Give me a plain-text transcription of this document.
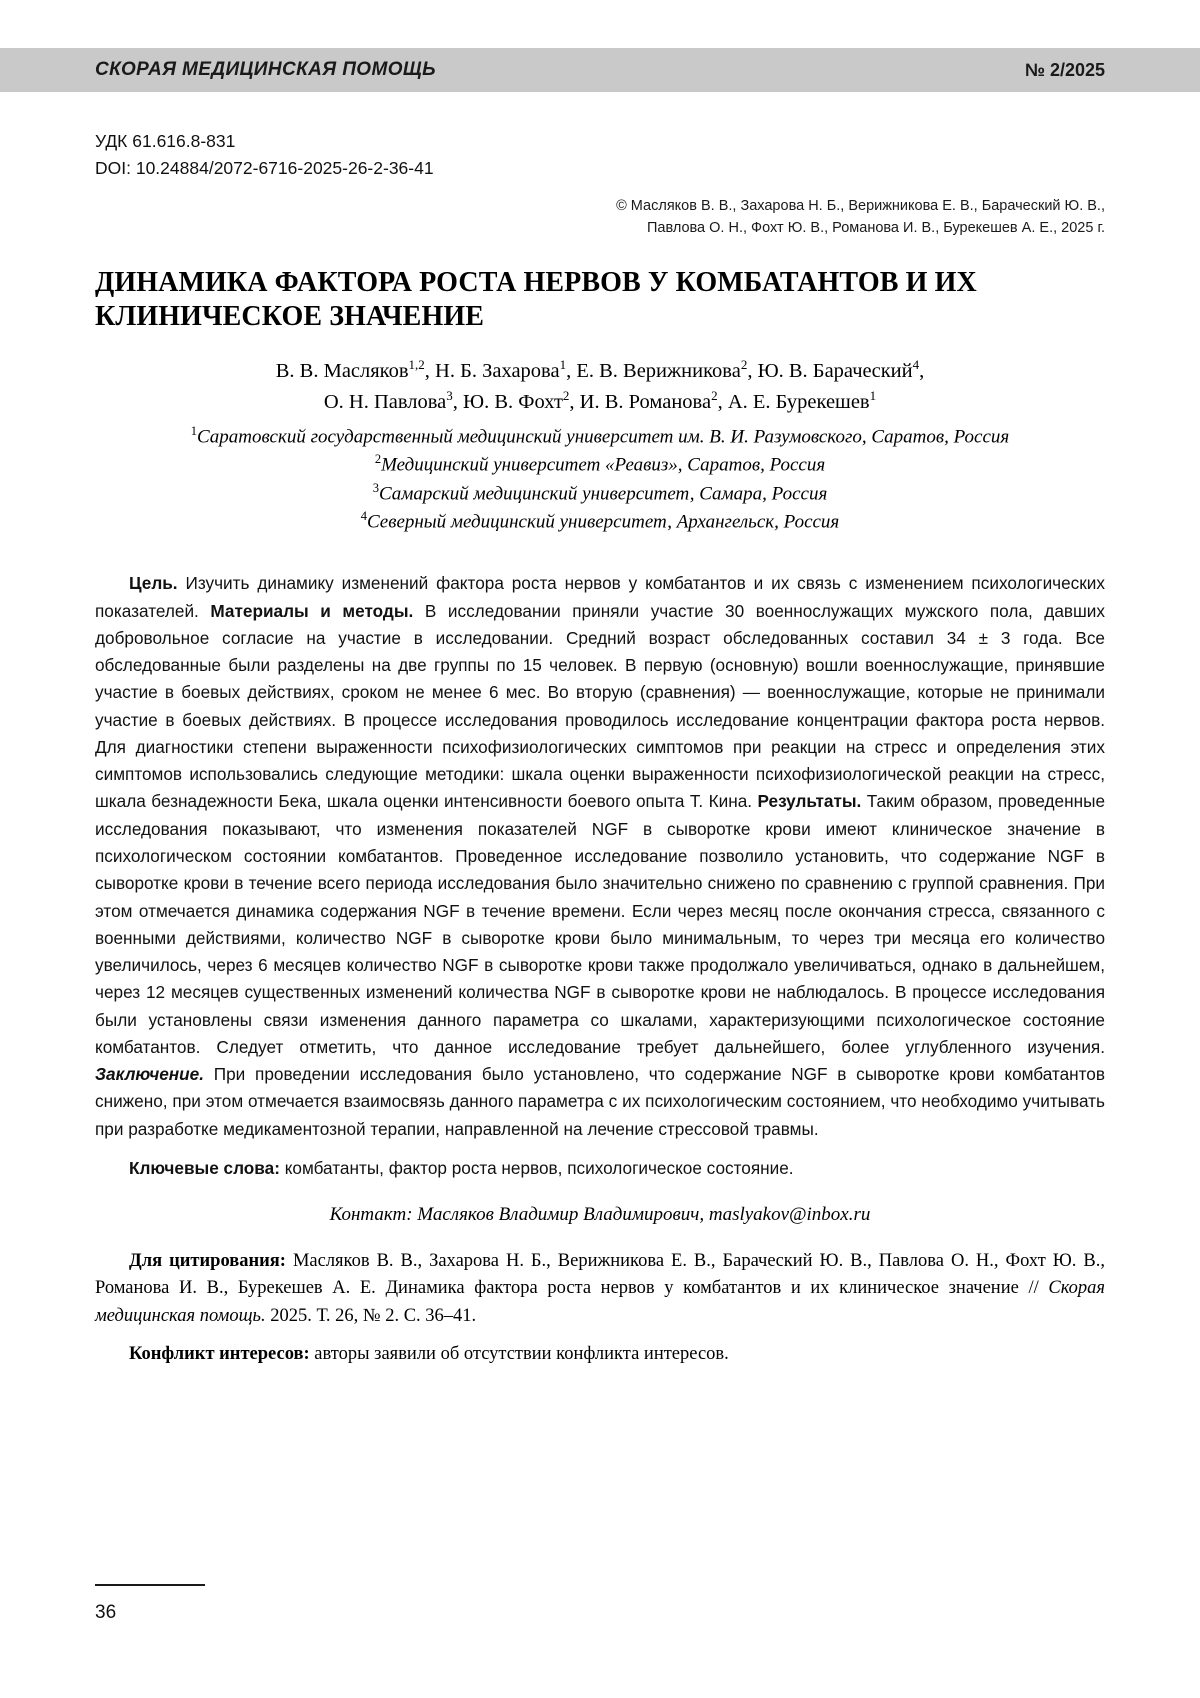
СКОРАЯ МЕДИЦИНСКАЯ ПОМОЩЬ	№ 2/2025
УДК 61.616.8-831
DOI: 10.24884/2072-6716-2025-26-2-36-41
© Масляков В. В., Захарова Н. Б., Верижникова Е. В., Барачеcкий Ю. В.,
Павлова О. Н., Фохт Ю. В., Романова И. В., Бурекешев А. Е., 2025 г.
ДИНАМИКА ФАКТОРА РОСТА НЕРВОВ У КОМБАТАНТОВ И ИХ КЛИНИЧЕСКОЕ ЗНАЧЕНИЕ
В. В. Масляков$^{1,2}$, Н. Б. Захарова$^1$, Е. В. Верижникова$^2$, Ю. В. Барачеcкий$^4$,
О. Н. Павлова$^3$, Ю. В. Фохт$^2$, И. В. Романова$^2$, А. Е. Бурекешев$^1$
$^1$Саратовский государственный медицинский университет им. В. И. Разумовского, Саратов, Россия
$^2$Медицинский университет «Реавиз», Саратов, Россия
$^3$Самарский медицинский университет, Самара, Россия
$^4$Северный медицинский университет, Архангельск, Россия
Цель. Изучить динамику изменений фактора роста нервов у комбатантов и их связь с изменением психологических показателей. Материалы и методы. В исследовании приняли участие 30 военнослужащих мужского пола, давших добровольное согласие на участие в исследовании. Средний возраст обследованных составил 34 ± 3 года. Все обследованные были разделены на две группы по 15 человек. В первую (основную) вошли военнослужащие, принявшие участие в боевых действиях, сроком не менее 6 мес. Во вторую (сравнения) — военнослужащие, которые не принимали участие в боевых действиях. В процессе исследования проводилось исследование концентрации фактора роста нервов. Для диагностики степени выраженности психофизиологических симптомов при реакции на стресс и определения этих симптомов использовались следующие методики: шкала оценки выраженности психофизиологической реакции на стресс, шкала безнадежности Бека, шкала оценки интенсивности боевого опыта Т. Кина. Результаты. Таким образом, проведенные исследования показывают, что изменения показателей NGF в сыворотке крови имеют клиническое значение в психологическом состоянии комбатантов. Проведенное исследование позволило установить, что содержание NGF в сыворотке крови в течение всего периода исследования было значительно снижено по сравнению с группой сравнения. При этом отмечается динамика содержания NGF в течение времени. Если через месяц после окончания стресса, связанного с военными действиями, количество NGF в сыворотке крови было минимальным, то через три месяца его количество увеличилось, через 6 месяцев количество NGF в сыворотке крови также продолжало увеличиваться, однако в дальнейшем, через 12 месяцев существенных изменений количества NGF в сыворотке крови не наблюдалось. В процессе исследования были установлены связи изменения данного параметра со шкалами, характеризующими психологическое состояние комбатантов. Следует отметить, что данное исследование требует дальнейшего, более углубленного изучения. Заключение. При проведении исследования было установлено, что содержание NGF в сыворотке крови комбатантов снижено, при этом отмечается взаимосвязь данного параметра с их психологическим состоянием, что необходимо учитывать при разработке медикаментозной терапии, направленной на лечение стрессовой травмы.
Ключевые слова: комбатанты, фактор роста нервов, психологическое состояние.
Контакт: Масляков Владимир Владимирович, maslyakov@inbox.ru
Для цитирования: Масляков В. В., Захарова Н. Б., Верижникова Е. В., Барачеcкий Ю. В., Павлова О. Н., Фохт Ю. В., Романова И. В., Бурекешев А. Е. Динамика фактора роста нервов у комбатантов и их клиническое значение // Скорая медицинская помощь. 2025. Т. 26, № 2. С. 36–41.
Конфликт интересов: авторы заявили об отсутствии конфликта интересов.
36
